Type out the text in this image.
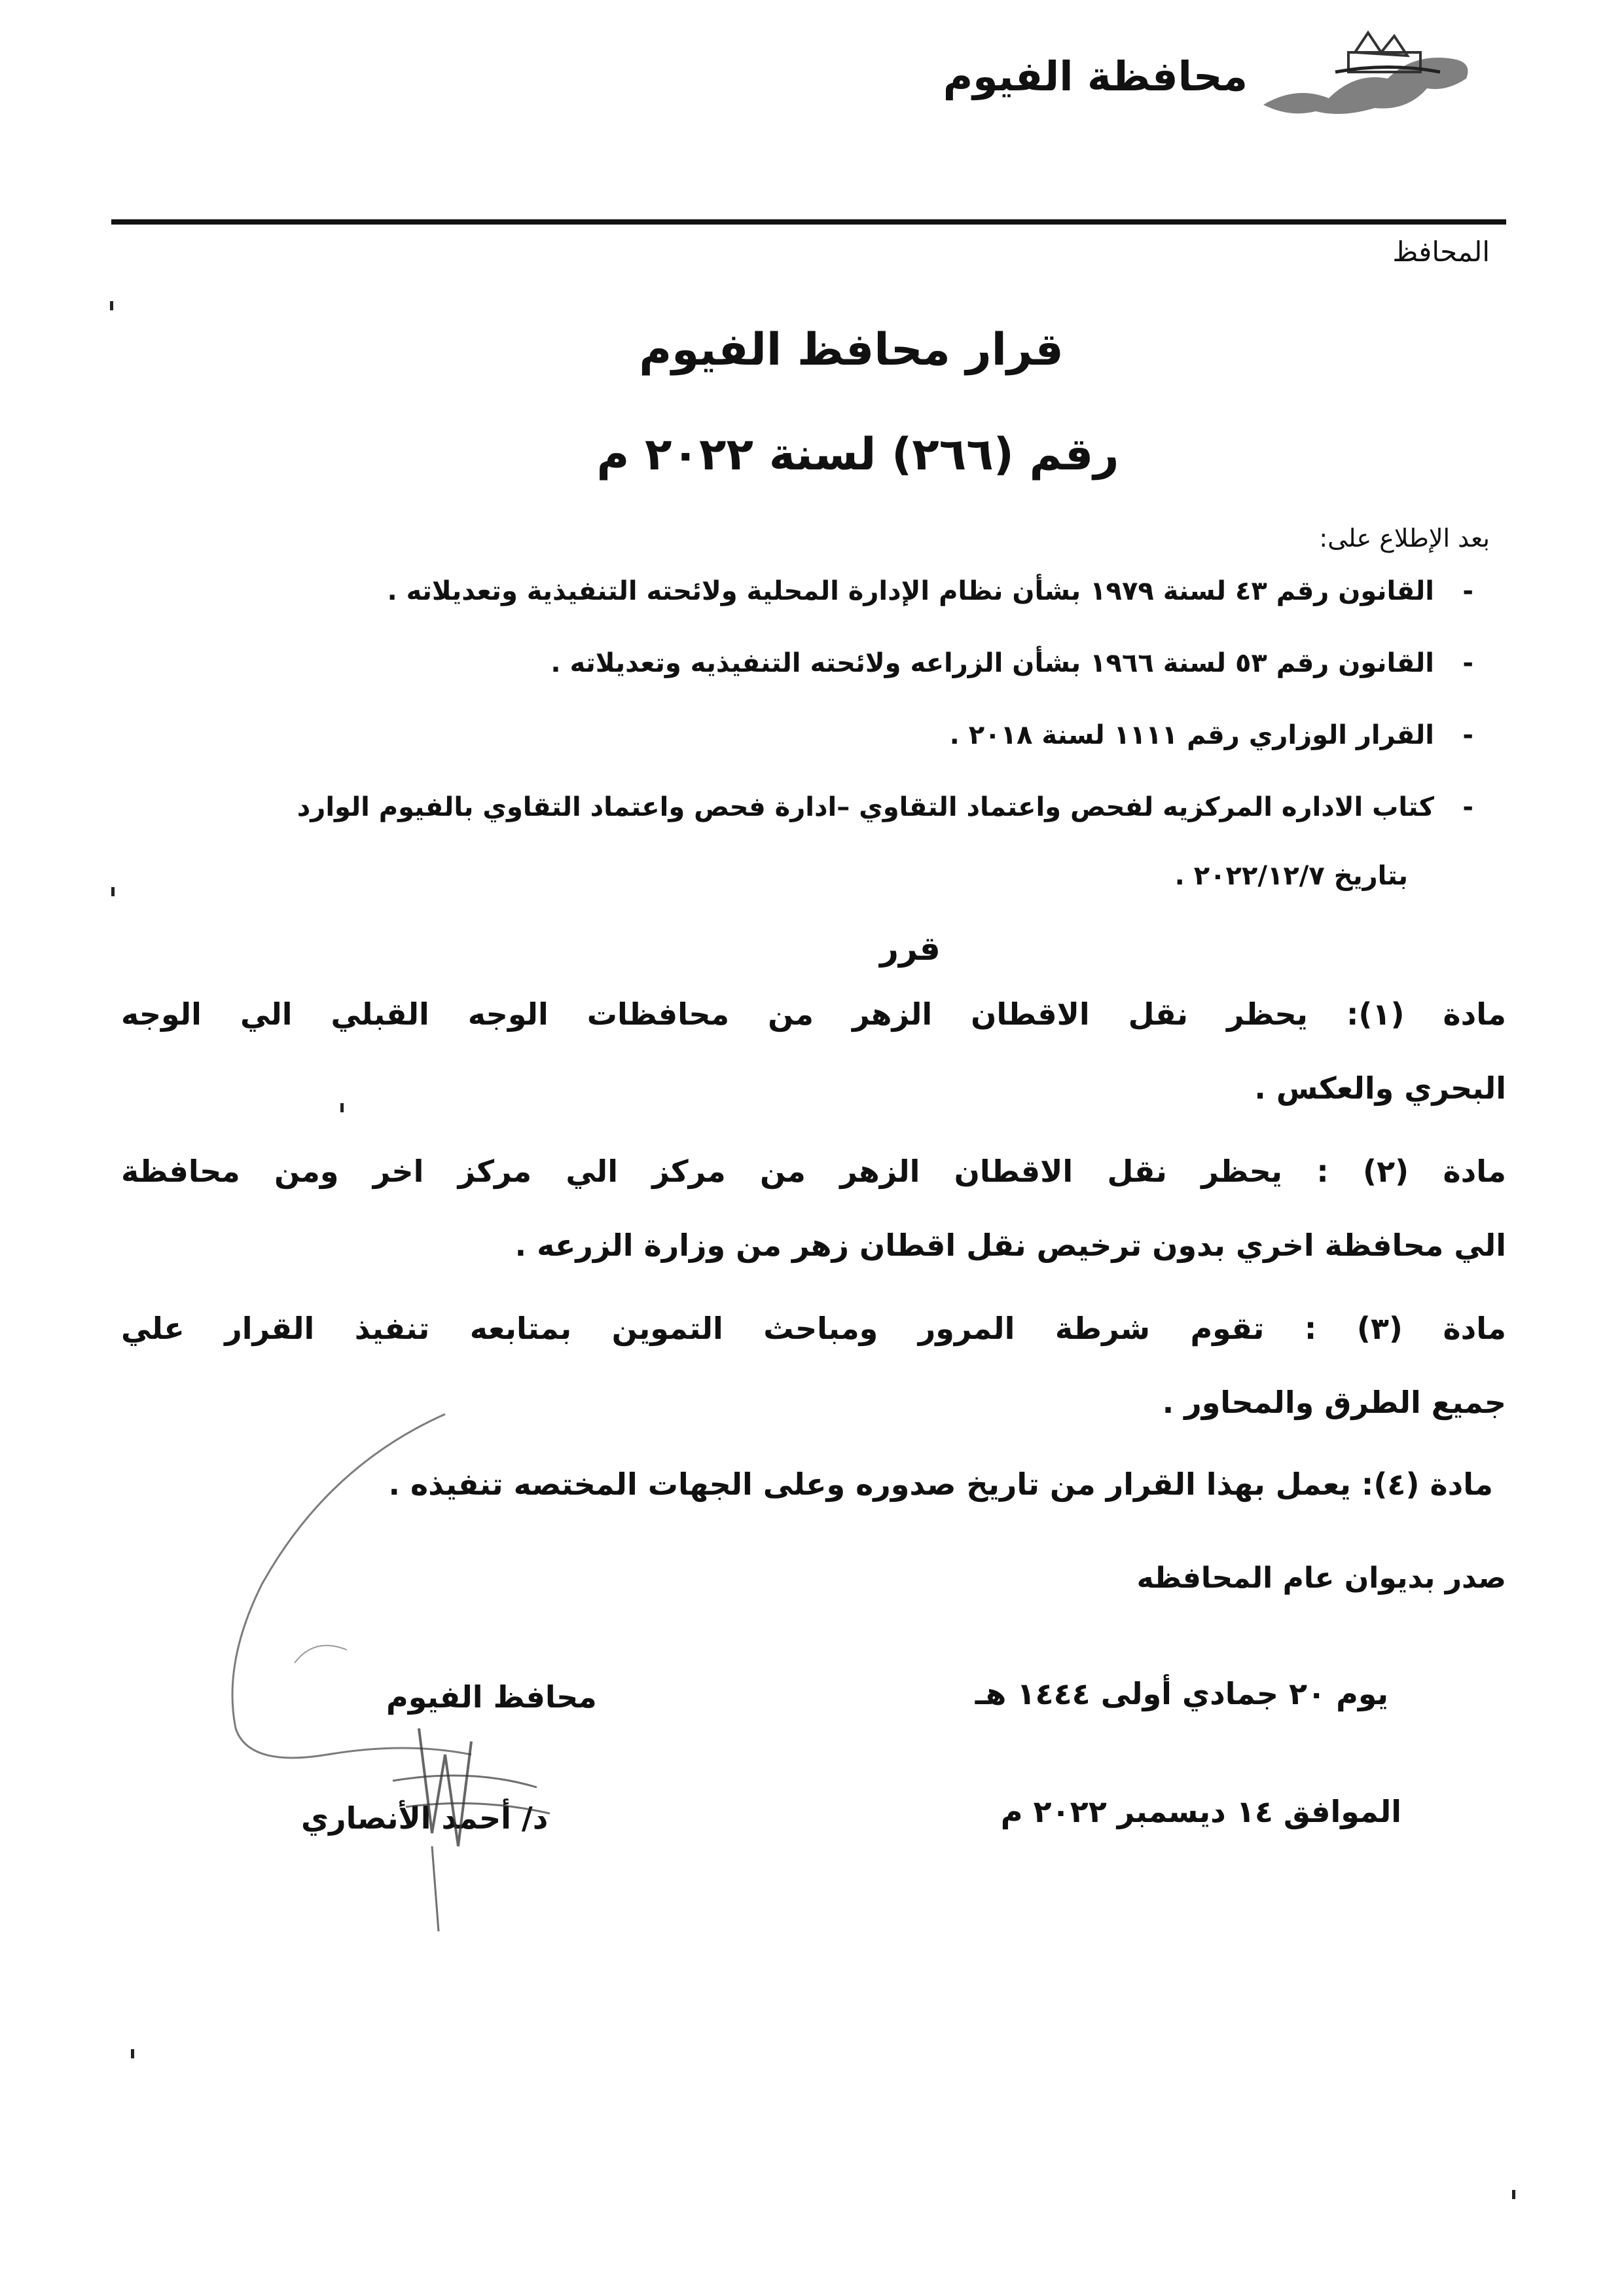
محافظة الفيوم
المحافظ
قرار محافظ الفيوم
رقم (٢٦٦) لسنة ٢٠٢٢ م
بعد الإطلاع على:
-القانون رقم ٤٣ لسنة ١٩٧٩ بشأن نظام الإدارة المحلية ولائحته التنفيذية وتعديلاته .
-القانون رقم ٥٣ لسنة ١٩٦٦ بشأن الزراعه ولائحته التنفيذيه وتعديلاته .
-القرار الوزاري رقم ١١١١ لسنة ٢٠١٨ .
-كتاب الاداره المركزيه لفحص واعتماد التقاوي –ادارة فحص واعتماد التقاوي بالفيوم الوارد
بتاريخ ٢٠٢٢/١٢/٧ .
قرر
مادة (١): يحظر نقل الاقطان الزهر من محافظات الوجه القبلي الي الوجه
البحري والعكس .
مادة (٢) : يحظر نقل الاقطان الزهر من مركز الي مركز اخر ومن محافظة
الي محافظة اخري بدون ترخيص نقل اقطان زهر من وزارة الزرعه .
مادة (٣) : تقوم شرطة المرور ومباحث التموين بمتابعه تنفيذ القرار علي
جميع الطرق والمحاور .
مادة (٤): يعمل بهذا القرار من تاريخ صدوره وعلى الجهات المختصه تنفيذه .
صدر بديوان عام المحافظه
يوم ٢٠ جمادي أولى ١٤٤٤ هـ
الموافق ١٤ ديسمبر ٢٠٢٢ م
محافظ الفيوم
د/ أحمد الأنصاري
